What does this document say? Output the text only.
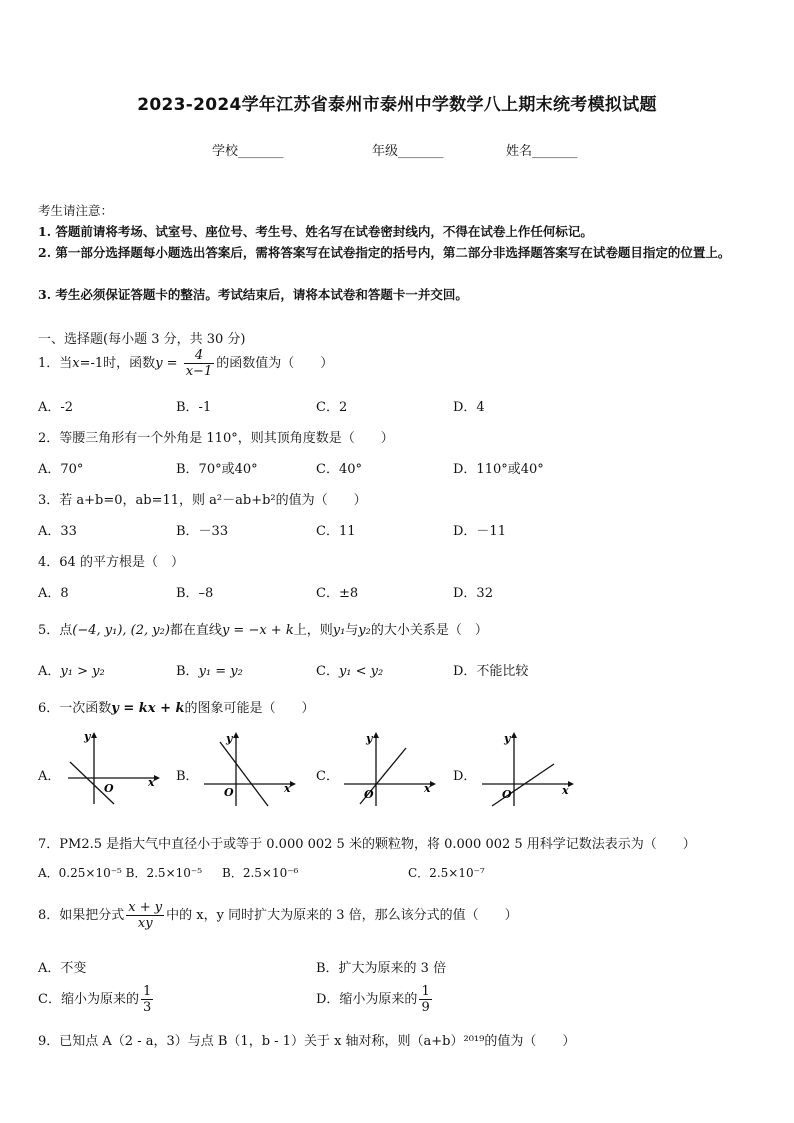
2023-2024学年江苏省泰州市泰州中学数学八上期末统考模拟试题
学校_______	年级_______	姓名_______
考生请注意：
1. 答题前请将考场、试室号、座位号、考生号、姓名写在试卷密封线内，不得在试卷上作任何标记。
2. 第一部分选择题每小题选出答案后，需将答案写在试卷指定的括号内，第二部分非选择题答案写在试卷题目指定的位置上。
3. 考生必须保证答题卡的整洁。考试结束后，请将本试卷和答题卡一并交回。
一、选择题(每小题 3 分，共 30 分)
1．当x=-1时，函数$y = \frac{4}{x-1}$ 的函数值为（　　）
A．-2	B．-1	C．2	D．4
2．等腰三角形有一个外角是 110°，则其顶角度数是（　　）
A．70°	B．70°或40°	C．40°	D．110°或40°
3．若 a+b=0，ab=11，则 a²－ab+b²的值为（　　）
A．33	B．－33	C．11	D．－11
4．64 的平方根是（　）
A．8	B．–8	C．±8	D．32
5．点(−4, y₁), (2, y₂)都在直线y = −x + k上，则y₁与y₂的大小关系是（　）
A．y₁ > y₂	B．y₁ = y₂	C．y₁ < y₂	D．不能比较
6．一次函数y = kx + k的图象可能是（　　）
A．	B．	C．	D．
y
x
O
y
x
O
y
x
O
y
x
O
7．PM2.5 是指大气中直径小于或等于 0.000 002 5 米的颗粒物，将 0.000 002 5 用科学记数法表示为（　　）
A．0.25×10⁻⁵ B．2.5×10⁻⁵ B．2.5×10⁻⁶	C．2.5×10⁻⁷
8．如果把分式 $\frac{x + y}{xy}$ 中的 x，y 同时扩大为原来的 3 倍，那么该分式的值（　　）
A．不变	B．扩大为原来的 3 倍
C．缩小为原来的 $\frac{1}{3}$	D．缩小为原来的 $\frac{1}{9}$
9．已知点 A（2 - a，3）与点 B（1，b - 1）关于 x 轴对称，则（a+b）²⁰¹⁹的值为（　　）
